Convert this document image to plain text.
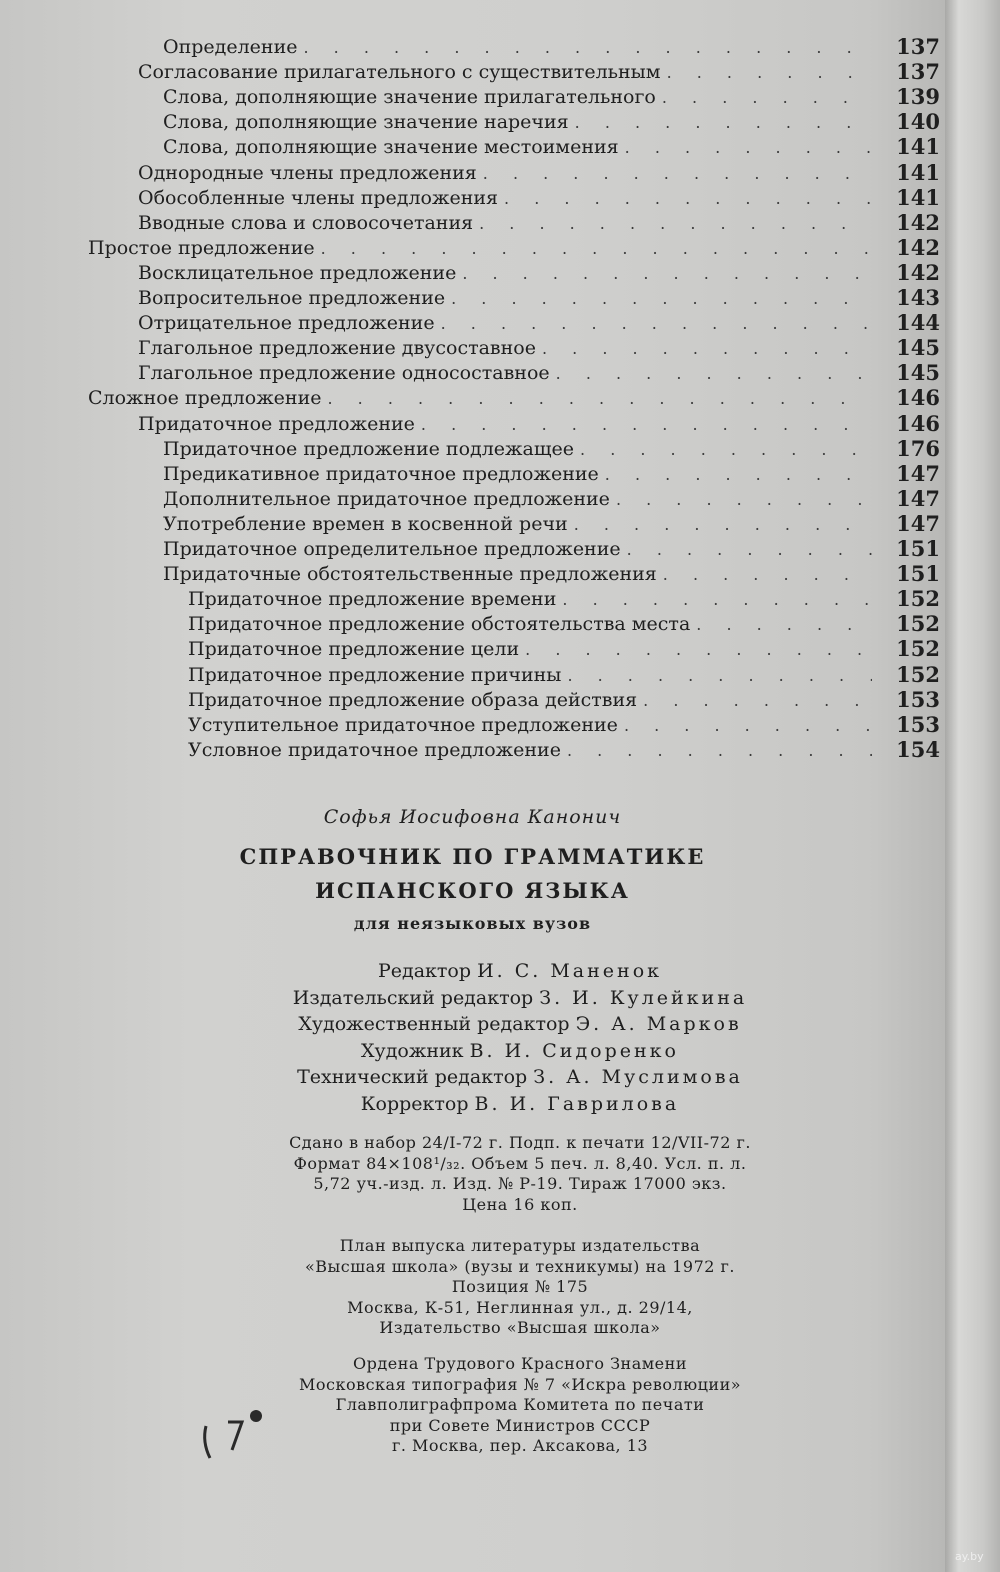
Определение . . .	137
Согласование прилагательного с существительным . . .	137
Слова, дополняющие значение прилагательного . . .	139
Слова, дополняющие значение наречия . . .	140
Слова, дополняющие значение местоимения . . .	141
Однородные члены предложения . . .	141
Обособленные члены предложения . . .	141
Вводные слова и словосочетания . . .	142
Простое предложение . . .	142
Восклицательное предложение . . .	142
Вопросительное предложение . . .	143
Отрицательное предложение . . .	144
Глагольное предложение двусоставное . . .	145
Глагольное предложение односоставное . . .	145
Сложное предложение . . .	146
Придаточное предложение . . .	146
Придаточное предложение подлежащее . . .	176
Предикативное придаточное предложение . . .	147
Дополнительное придаточное предложение . . .	147
Употребление времен в косвенной речи . . .	147
Придаточное определительное предложение . . .	151
Придаточные обстоятельственные предложения . . .	151
Придаточное предложение времени . . .	152
Придаточное предложение обстоятельства места . . .	152
Придаточное предложение цели . . .	152
Придаточное предложение причины . . .	152
Придаточное предложение образа действия . . .	153
Уступительное придаточное предложение . . .	153
Условное придаточное предложение . . .	154
Софья Иосифовна Канонич
СПРАВОЧНИК ПО ГРАММАТИКЕ
ИСПАНСКОГО ЯЗЫКА
для неязыковых вузов
Редактор И. С. Маненок
Издательский редактор З. И. Кулейкина
Художественный редактор Э. А. Марков
Художник В. И. Сидоренко
Технический редактор З. А. Муслимова
Корректор В. И. Гаврилова
Сдано в набор 24/I-72 г. Подп. к печати 12/VII-72 г.
Формат 84×108¹/₃₂. Объем 5 печ. л. 8,40. Усл. п. л.
5,72 уч.-изд. л. Изд. № Р-19. Тираж 17000 экз.
Цена 16 коп.
План выпуска литературы издательства
«Высшая школа» (вузы и техникумы) на 1972 г.
Позиция № 175
Москва, К-51, Неглинная ул., д. 29/14,
Издательство «Высшая школа»
Ордена Трудового Красного Знамени
Московская типография № 7 «Искра революции»
Главполиграфпрома Комитета по печати
при Совете Министров СССР
г. Москва, пер. Аксакова, 13
ay.by
